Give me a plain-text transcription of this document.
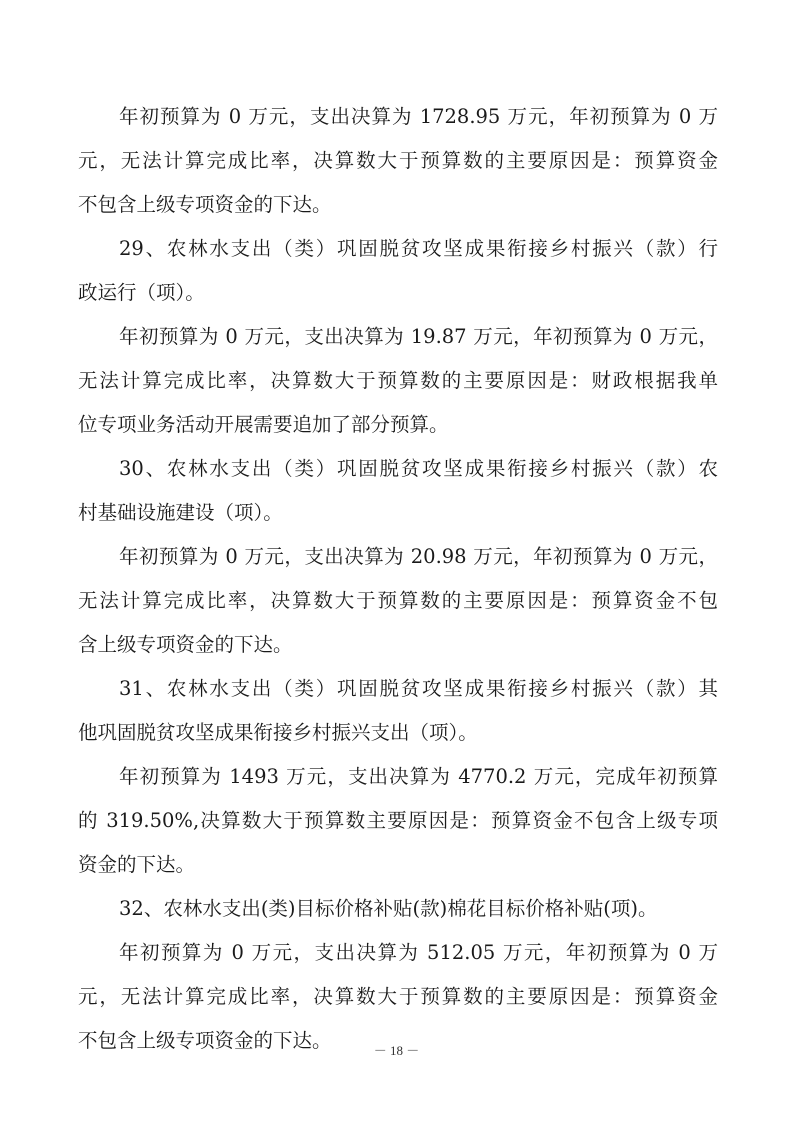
年初预算为 0 万元，支出决算为 1728.95 万元，年初预算为 0 万
元，无法计算完成比率，决算数大于预算数的主要原因是：预算资金
不包含上级专项资金的下达。
29、农林水支出（类）巩固脱贫攻坚成果衔接乡村振兴（款）行
政运行（项）。
年初预算为 0 万元，支出决算为 19.87 万元，年初预算为 0 万元，
无法计算完成比率，决算数大于预算数的主要原因是：财政根据我单
位专项业务活动开展需要追加了部分预算。
30、农林水支出（类）巩固脱贫攻坚成果衔接乡村振兴（款）农
村基础设施建设（项）。
年初预算为 0 万元，支出决算为 20.98 万元，年初预算为 0 万元，
无法计算完成比率，决算数大于预算数的主要原因是：预算资金不包
含上级专项资金的下达。
31、农林水支出（类）巩固脱贫攻坚成果衔接乡村振兴（款）其
他巩固脱贫攻坚成果衔接乡村振兴支出（项）。
年初预算为 1493 万元，支出决算为 4770.2 万元，完成年初预算
的 319.50%,决算数大于预算数主要原因是：预算资金不包含上级专项
资金的下达。
32、农林水支出(类)目标价格补贴(款)棉花目标价格补贴(项)。
年初预算为 0 万元，支出决算为 512.05 万元，年初预算为 0 万
元，无法计算完成比率，决算数大于预算数的主要原因是：预算资金
不包含上级专项资金的下达。	－ 18 －
